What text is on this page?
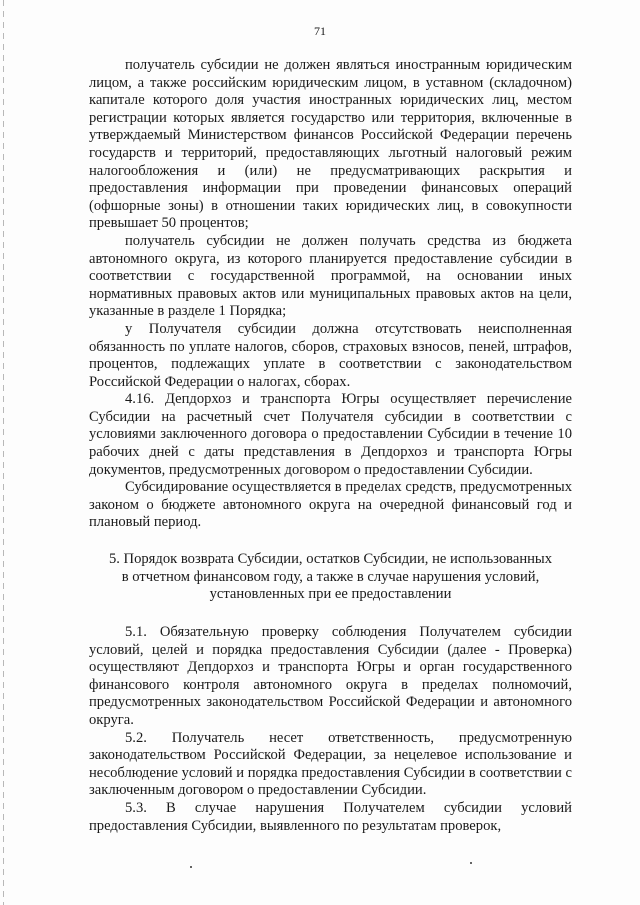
71

получатель субсидии не должен являться иностранным юридическим лицом, а также российским юридическим лицом, в уставном (складочном) капитале которого доля участия иностранных юридических лиц, местом регистрации которых является государство или территория, включенные в утверждаемый Министерством финансов Российской Федерации перечень государств и территорий, предоставляющих льготный налоговый режим налогообложения и (или) не предусматривающих раскрытия и предоставления информации при проведении финансовых операций (офшорные зоны) в отношении таких юридических лиц, в совокупности превышает 50 процентов;

получатель субсидии не должен получать средства из бюджета автономного округа, из которого планируется предоставление субсидии в соответствии с государственной программой, на основании иных нормативных правовых актов или муниципальных правовых актов на цели, указанные в разделе 1 Порядка;

у Получателя субсидии должна отсутствовать неисполненная обязанность по уплате налогов, сборов, страховых взносов, пеней, штрафов, процентов, подлежащих уплате в соответствии с законодательством Российской Федерации о налогах, сборах.

4.16. Депдорхоз и транспорта Югры осуществляет перечисление Субсидии на расчетный счет Получателя субсидии в соответствии с условиями заключенного договора о предоставлении Субсидии в течение 10 рабочих дней с даты представления в Депдорхоз и транспорта Югры документов, предусмотренных договором о предоставлении Субсидии.

Субсидирование осуществляется в пределах средств, предусмотренных законом о бюджете автономного округа на очередной финансовый год и плановый период.

5. Порядок возврата Субсидии, остатков Субсидии, не использованных
в отчетном финансовом году, а также в случае нарушения условий,
установленных при ее предоставлении

5.1. Обязательную проверку соблюдения Получателем субсидии условий, целей и порядка предоставления Субсидии (далее - Проверка) осуществляют Депдорхоз и транспорта Югры и орган государственного финансового контроля автономного округа в пределах полномочий, предусмотренных законодательством Российской Федерации и автономного округа.

5.2. Получатель несет ответственность, предусмотренную законодательством Российской Федерации, за нецелевое использование и несоблюдение условий и порядка предоставления Субсидии в соответствии с заключенным договором о предоставлении Субсидии.

5.3. В случае нарушения Получателем субсидии условий предоставления Субсидии, выявленного по результатам проверок,
